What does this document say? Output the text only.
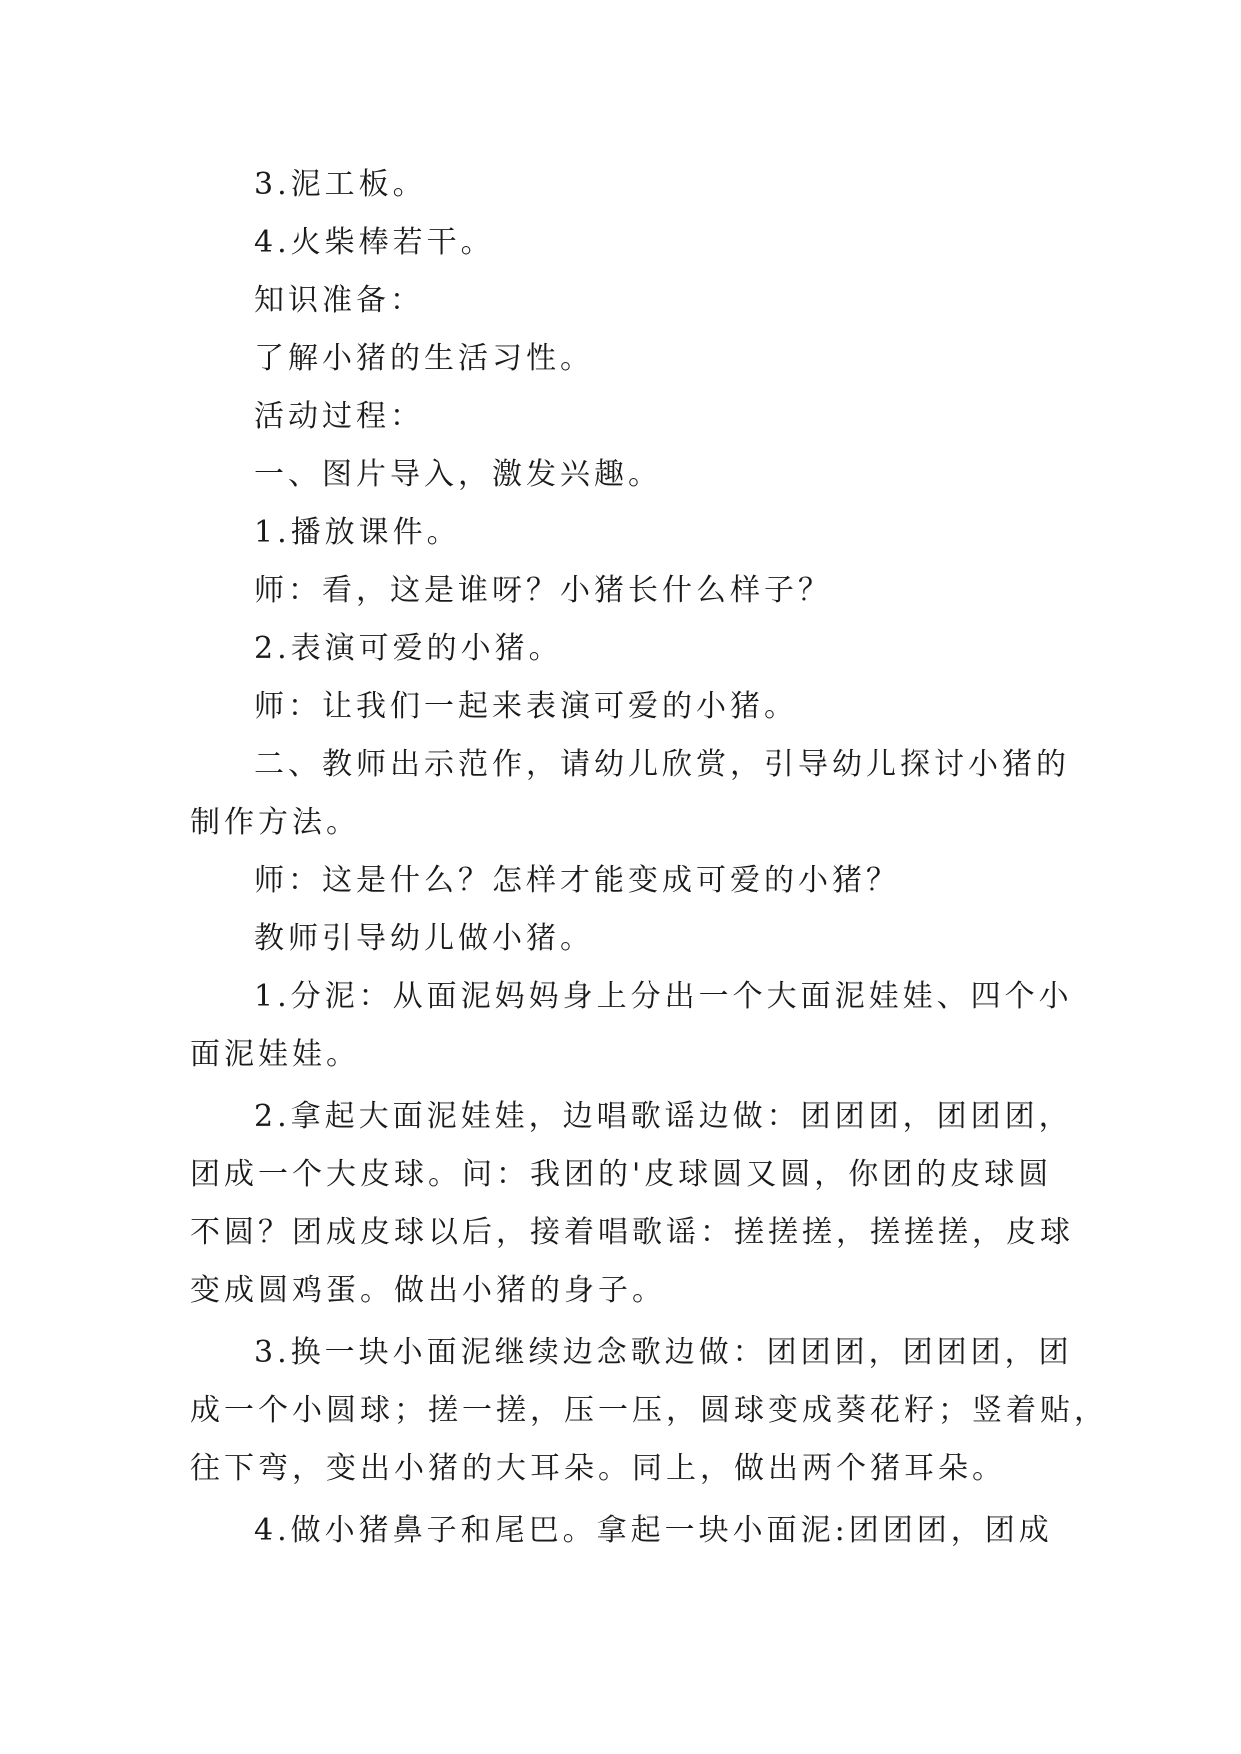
3.泥工板。

4.火柴棒若干。

知识准备：

了解小猪的生活习性。

活动过程：

一、图片导入，激发兴趣。

1.播放课件。

师：看，这是谁呀？小猪长什么样子？

2.表演可爱的小猪。

师：让我们一起来表演可爱的小猪。

二、教师出示范作，请幼儿欣赏，引导幼儿探讨小猪的

制作方法。

师：这是什么？怎样才能变成可爱的小猪？

教师引导幼儿做小猪。

1.分泥：从面泥妈妈身上分出一个大面泥娃娃、四个小

面泥娃娃。

2.拿起大面泥娃娃，边唱歌谣边做：团团团，团团团，

团成一个大皮球。问：我团的'皮球圆又圆，你团的皮球圆

不圆？团成皮球以后，接着唱歌谣：搓搓搓，搓搓搓，皮球

变成圆鸡蛋。做出小猪的身子。

3.换一块小面泥继续边念歌边做：团团团，团团团，团

成一个小圆球；搓一搓，压一压，圆球变成葵花籽；竖着贴，

往下弯，变出小猪的大耳朵。同上，做出两个猪耳朵。

4.做小猪鼻子和尾巴。拿起一块小面泥:团团团，团成
